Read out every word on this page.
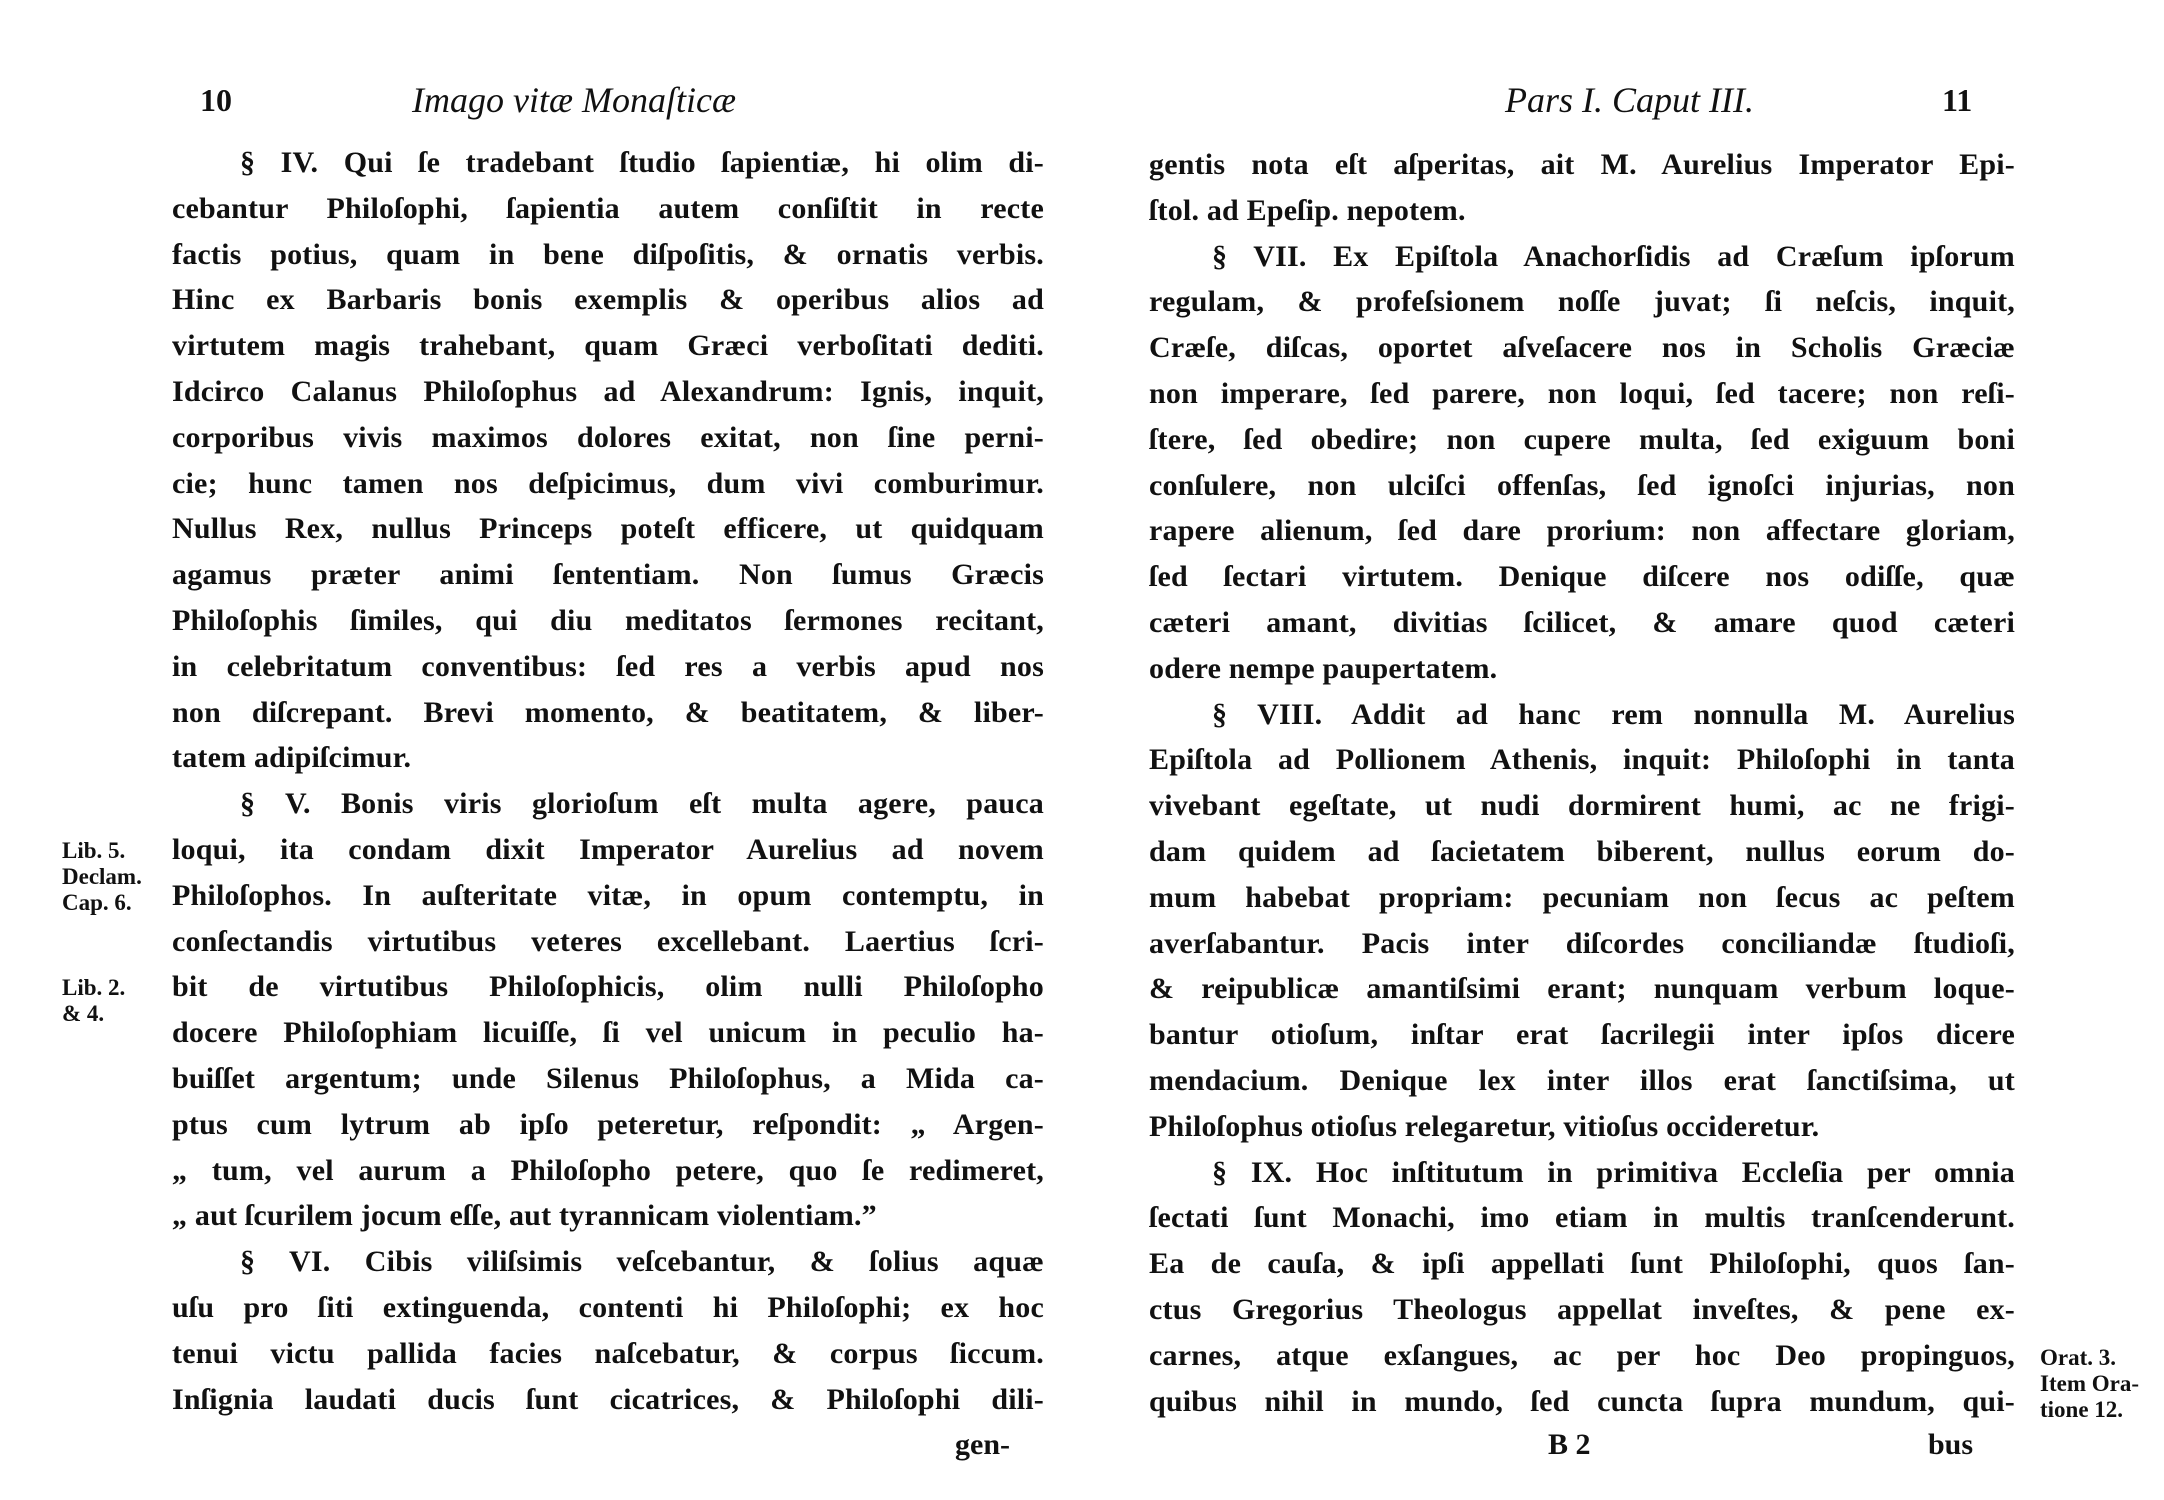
10	Imago vitæ Monaſticæ
§ IV. Qui ſe tradebant ſtudio ſapientiæ, hi olim di-
cebantur Philoſophi, ſapientia autem conſiſtit in recte
factis potius, quam in bene diſpoſitis, & ornatis verbis.
Hinc ex Barbaris bonis exemplis & operibus alios ad
virtutem magis trahebant, quam Græci verboſitati dediti.
Idcirco Calanus Philoſophus ad Alexandrum: Ignis, inquit,
corporibus vivis maximos dolores exitat, non ſine perni-
cie; hunc tamen nos deſpicimus, dum vivi comburimur.
Nullus Rex, nullus Princeps poteſt efficere, ut quidquam
agamus præter animi ſententiam. Non ſumus Græcis
Philoſophis ſimiles, qui diu meditatos ſermones recitant,
in celebritatum conventibus: ſed res a verbis apud nos
non diſcrepant. Brevi momento, & beatitatem, & liber-
tatem adipiſcimur.
§ V. Bonis viris glorioſum eſt multa agere, pauca
loqui, ita condam dixit Imperator Aurelius ad novem
Philoſophos. In auſteritate vitæ, in opum contemptu, in
conſectandis virtutibus veteres excellebant. Laertius ſcri-
bit de virtutibus Philoſophicis, olim nulli Philoſopho
docere Philoſophiam licuiſſe, ſi vel unicum in peculio ha-
buiſſet argentum; unde Silenus Philoſophus, a Mida ca-
ptus cum lytrum ab ipſo peteretur, reſpondit: „ Argen-
„ tum, vel aurum a Philoſopho petere, quo ſe redimeret,
„ aut ſcurilem jocum eſſe, aut tyrannicam violentiam.”
§ VI. Cibis viliſsimis veſcebantur, & ſolius aquæ
uſu pro ſiti extinguenda, contenti hi Philoſophi; ex hoc
tenui victu pallida facies naſcebatur, & corpus ſiccum.
Inſignia laudati ducis ſunt cicatrices, & Philoſophi dili-
gen-
Lib. 5.
Declam.
Cap. 6.
Lib. 2.
& 4.
Pars I. Caput III.	11
gentis nota eſt aſperitas, ait M. Aurelius Imperator Epi-
ſtol. ad Epeſip. nepotem.
§ VII. Ex Epiſtola Anachorſidis ad Cræſum ipſorum
regulam, & profeſsionem noſſe juvat; ſi neſcis, inquit,
Cræſe, diſcas, oportet aſveſacere nos in Scholis Græciæ
non imperare, ſed parere, non loqui, ſed tacere; non reſi-
ſtere, ſed obedire; non cupere multa, ſed exiguum boni
conſulere, non ulciſci offenſas, ſed ignoſci injurias, non
rapere alienum, ſed dare prorium: non affectare gloriam,
ſed ſectari virtutem. Denique diſcere nos odiſſe, quæ
cæteri amant, divitias ſcilicet, & amare quod cæteri
odere nempe paupertatem.
§ VIII. Addit ad hanc rem nonnulla M. Aurelius
Epiſtola ad Pollionem Athenis, inquit: Philoſophi in tanta
vivebant egeſtate, ut nudi dormirent humi, ac ne frigi-
dam quidem ad ſacietatem biberent, nullus eorum do-
mum habebat propriam: pecuniam non ſecus ac peſtem
averſabantur. Pacis inter diſcordes conciliandæ ſtudioſi,
& reipublicæ amantiſsimi erant; nunquam verbum loque-
bantur otioſum, inſtar erat ſacrilegii inter ipſos dicere
mendacium. Denique lex inter illos erat ſanctiſsima, ut
Philoſophus otioſus relegaretur, vitioſus occideretur.
§ IX. Hoc inſtitutum in primitiva Eccleſia per omnia
ſectati ſunt Monachi, imo etiam in multis tranſcenderunt.
Ea de cauſa, & ipſi appellati ſunt Philoſophi, quos ſan-
ctus Gregorius Theologus appellat inveſtes, & pene ex-
carnes, atque exſangues, ac per hoc Deo propinguos,
quibus nihil in mundo, ſed cuncta ſupra mundum, qui-
B 2	bus
Orat. 3.
Item Ora-
tione 12.
